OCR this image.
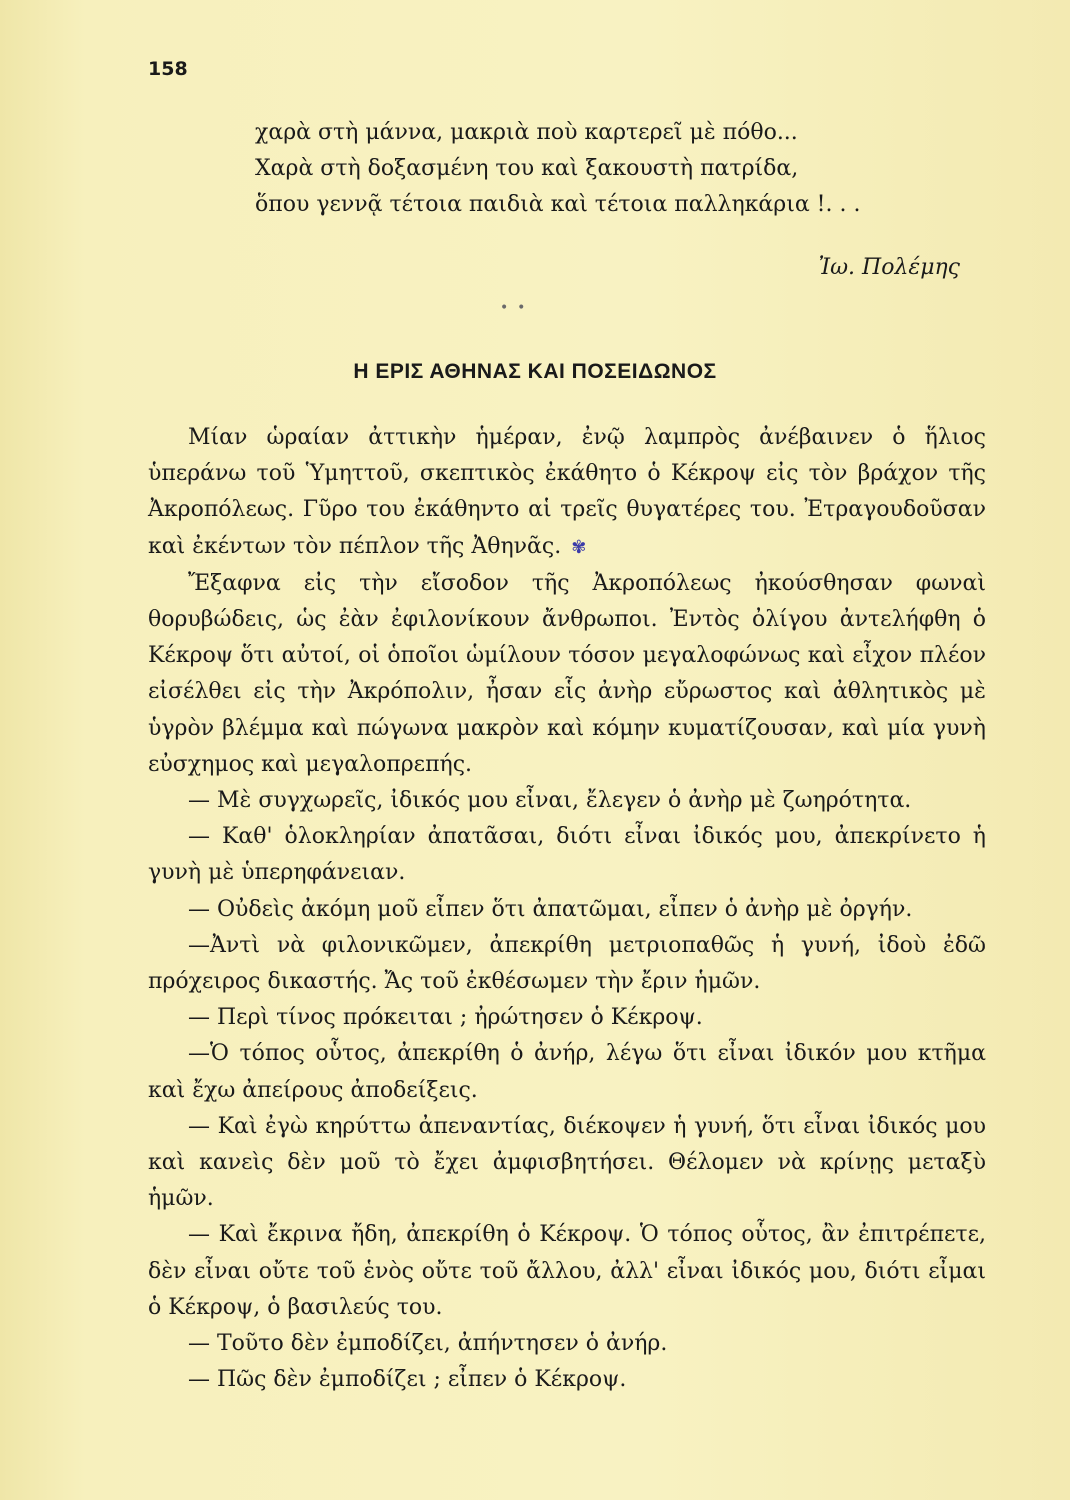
158
χαρὰ στὴ μάννα, μακριὰ ποὺ καρτερεῖ μὲ πόθο...
Χαρὰ στὴ δοξασμένη του καὶ ξακουστὴ πατρίδα,
ὅπου γεννᾷ τέτοια παιδιὰ καὶ τέτοια παλληκάρια !. . .
Ἰω. Πολέμης
•  •
Η ΕΡΙΣ ΑΘΗΝΑΣ ΚΑΙ ΠΟΣΕΙΔΩΝΟΣ

Μίαν ὡραίαν ἀττικὴν ἡμέραν, ἐνῷ λαμπρὸς ἀνέβαινεν ὁ ἥλιος ὑπεράνω τοῦ Ὑμηττοῦ, σκεπτικὸς ἐκάθητο ὁ Κέκροψ εἰς τὸν βράχον τῆς Ἀκροπόλεως. Γῦρο του ἐκάθηντο αἱ τρεῖς θυγατέρες του. Ἐτραγουδοῦσαν καὶ ἐκέντων τὸν πέπλον τῆς Ἀθηνᾶς. ✾

Ἔξαφνα εἰς τὴν εἴσοδον τῆς Ἀκροπόλεως ἠκούσθησαν φωναὶ θορυβώδεις, ὡς ἐὰν ἐφιλονίκουν ἄνθρωποι. Ἐντὸς ὀλίγου ἀντελήφθη ὁ Κέκροψ ὅτι αὐτοί, οἱ ὁποῖοι ὡμίλουν τόσον μεγαλοφώνως καὶ εἶχον πλέον εἰσέλθει εἰς τὴν Ἀκρόπολιν, ἦσαν εἷς ἀνὴρ εὔρωστος καὶ ἀθλητικὸς μὲ ὑγρὸν βλέμμα καὶ πώγωνα μακρὸν καὶ κόμην κυματίζουσαν, καὶ μία γυνὴ εὐσχημος καὶ μεγαλοπρεπής.

— Μὲ συγχωρεῖς, ἰδικός μου εἶναι, ἔλεγεν ὁ ἀνὴρ μὲ ζωηρότητα.

— Καθ' ὁλοκληρίαν ἀπατᾶσαι, διότι εἶναι ἰδικός μου, ἀπεκρίνετο ἡ γυνὴ μὲ ὑπερηφάνειαν.

— Οὐδεὶς ἀκόμη μοῦ εἶπεν ὅτι ἀπατῶμαι, εἶπεν ὁ ἀνὴρ μὲ ὀργήν.

—Ἀντὶ νὰ φιλονικῶμεν, ἀπεκρίθη μετριοπαθῶς ἡ γυνή, ἰδοὺ ἐδῶ πρόχειρος δικαστής. Ἄς τοῦ ἐκθέσωμεν τὴν ἔριν ἡμῶν.

— Περὶ τίνος πρόκειται ; ἠρώτησεν ὁ Κέκροψ.

—Ὁ τόπος οὗτος, ἀπεκρίθη ὁ ἀνήρ, λέγω ὅτι εἶναι ἰδικόν μου κτῆμα καὶ ἔχω ἀπείρους ἀποδείξεις.

— Καὶ ἐγὼ κηρύττω ἀπεναντίας, διέκοψεν ἡ γυνή, ὅτι εἶναι ἰδικός μου καὶ κανεὶς δὲν μοῦ τὸ ἔχει ἀμφισβητήσει. Θέλομεν νὰ κρίνῃς μεταξὺ ἡμῶν.

— Καὶ ἔκρινα ἤδη, ἀπεκρίθη ὁ Κέκροψ. Ὁ τόπος οὗτος, ἂν ἐπιτρέπετε, δὲν εἶναι οὔτε τοῦ ἑνὸς οὔτε τοῦ ἄλλου, ἀλλ' εἶναι ἰδικός μου, διότι εἶμαι ὁ Κέκροψ, ὁ βασιλεύς του.

— Τοῦτο δὲν ἐμποδίζει, ἀπήντησεν ὁ ἀνήρ.

— Πῶς δὲν ἐμποδίζει ; εἶπεν ὁ Κέκροψ.
